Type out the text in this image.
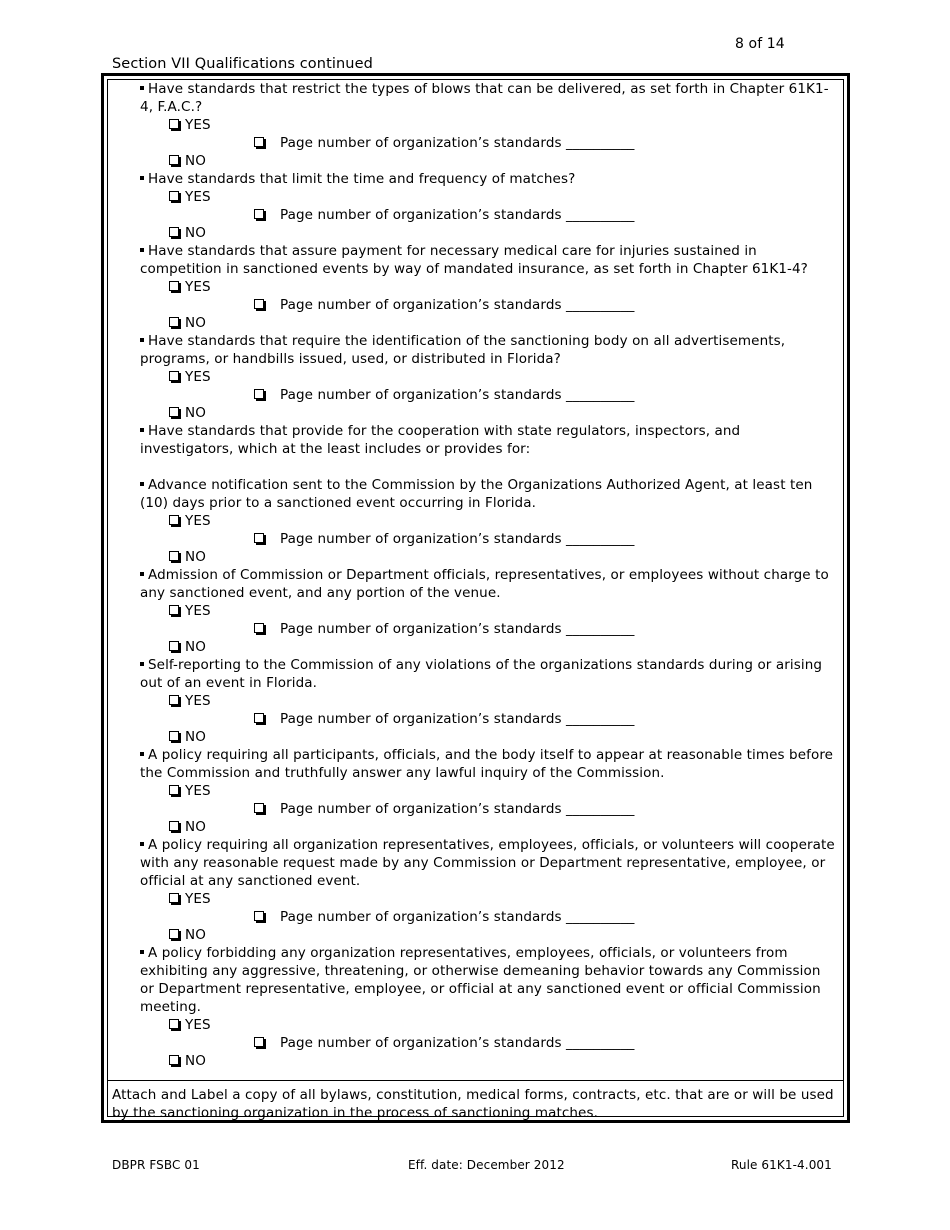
8 of 14
Section VII Qualifications continued
Have standards that restrict the types of blows that can be delivered, as set forth in Chapter 61K1-4, F.A.C.?
YES
Page number of organization’s standards __________
NO
Have standards that limit the time and frequency of matches?
YES
Page number of organization’s standards __________
NO
Have standards that assure payment for necessary medical care for injuries sustained in competition in sanctioned events by way of mandated insurance, as set forth in Chapter 61K1-4?
YES
Page number of organization’s standards __________
NO
Have standards that require the identification of the sanctioning body on all advertisements, programs, or handbills issued, used, or distributed in Florida?
YES
Page number of organization’s standards __________
NO
Have standards that provide for the cooperation with state regulators, inspectors, and investigators, which at the least includes or provides for:
Advance notification sent to the Commission by the Organizations Authorized Agent, at least ten (10) days prior to a sanctioned event occurring in Florida.
YES
Page number of organization’s standards __________
NO
Admission of Commission or Department officials, representatives, or employees without charge to any sanctioned event, and any portion of the venue.
YES
Page number of organization’s standards __________
NO
Self-reporting to the Commission of any violations of the organizations standards during or arising out of an event in Florida.
YES
Page number of organization’s standards __________
NO
A policy requiring all participants, officials, and the body itself to appear at reasonable times before the Commission and truthfully answer any lawful inquiry of the Commission.
YES
Page number of organization’s standards __________
NO
A policy requiring all organization representatives, employees, officials, or volunteers will cooperate with any reasonable request made by any Commission or Department representative, employee, or official at any sanctioned event.
YES
Page number of organization’s standards __________
NO
A policy forbidding any organization representatives, employees, officials, or volunteers from exhibiting any aggressive, threatening, or otherwise demeaning behavior towards any Commission or Department representative, employee, or official at any sanctioned event or official Commission meeting.
YES
Page number of organization’s standards __________
NO
Attach and Label a copy of all bylaws, constitution, medical forms, contracts, etc. that are or will be used by the sanctioning organization in the process of sanctioning matches.
DBPR FSBC 01	Eff. date: December 2012	Rule 61K1-4.001
